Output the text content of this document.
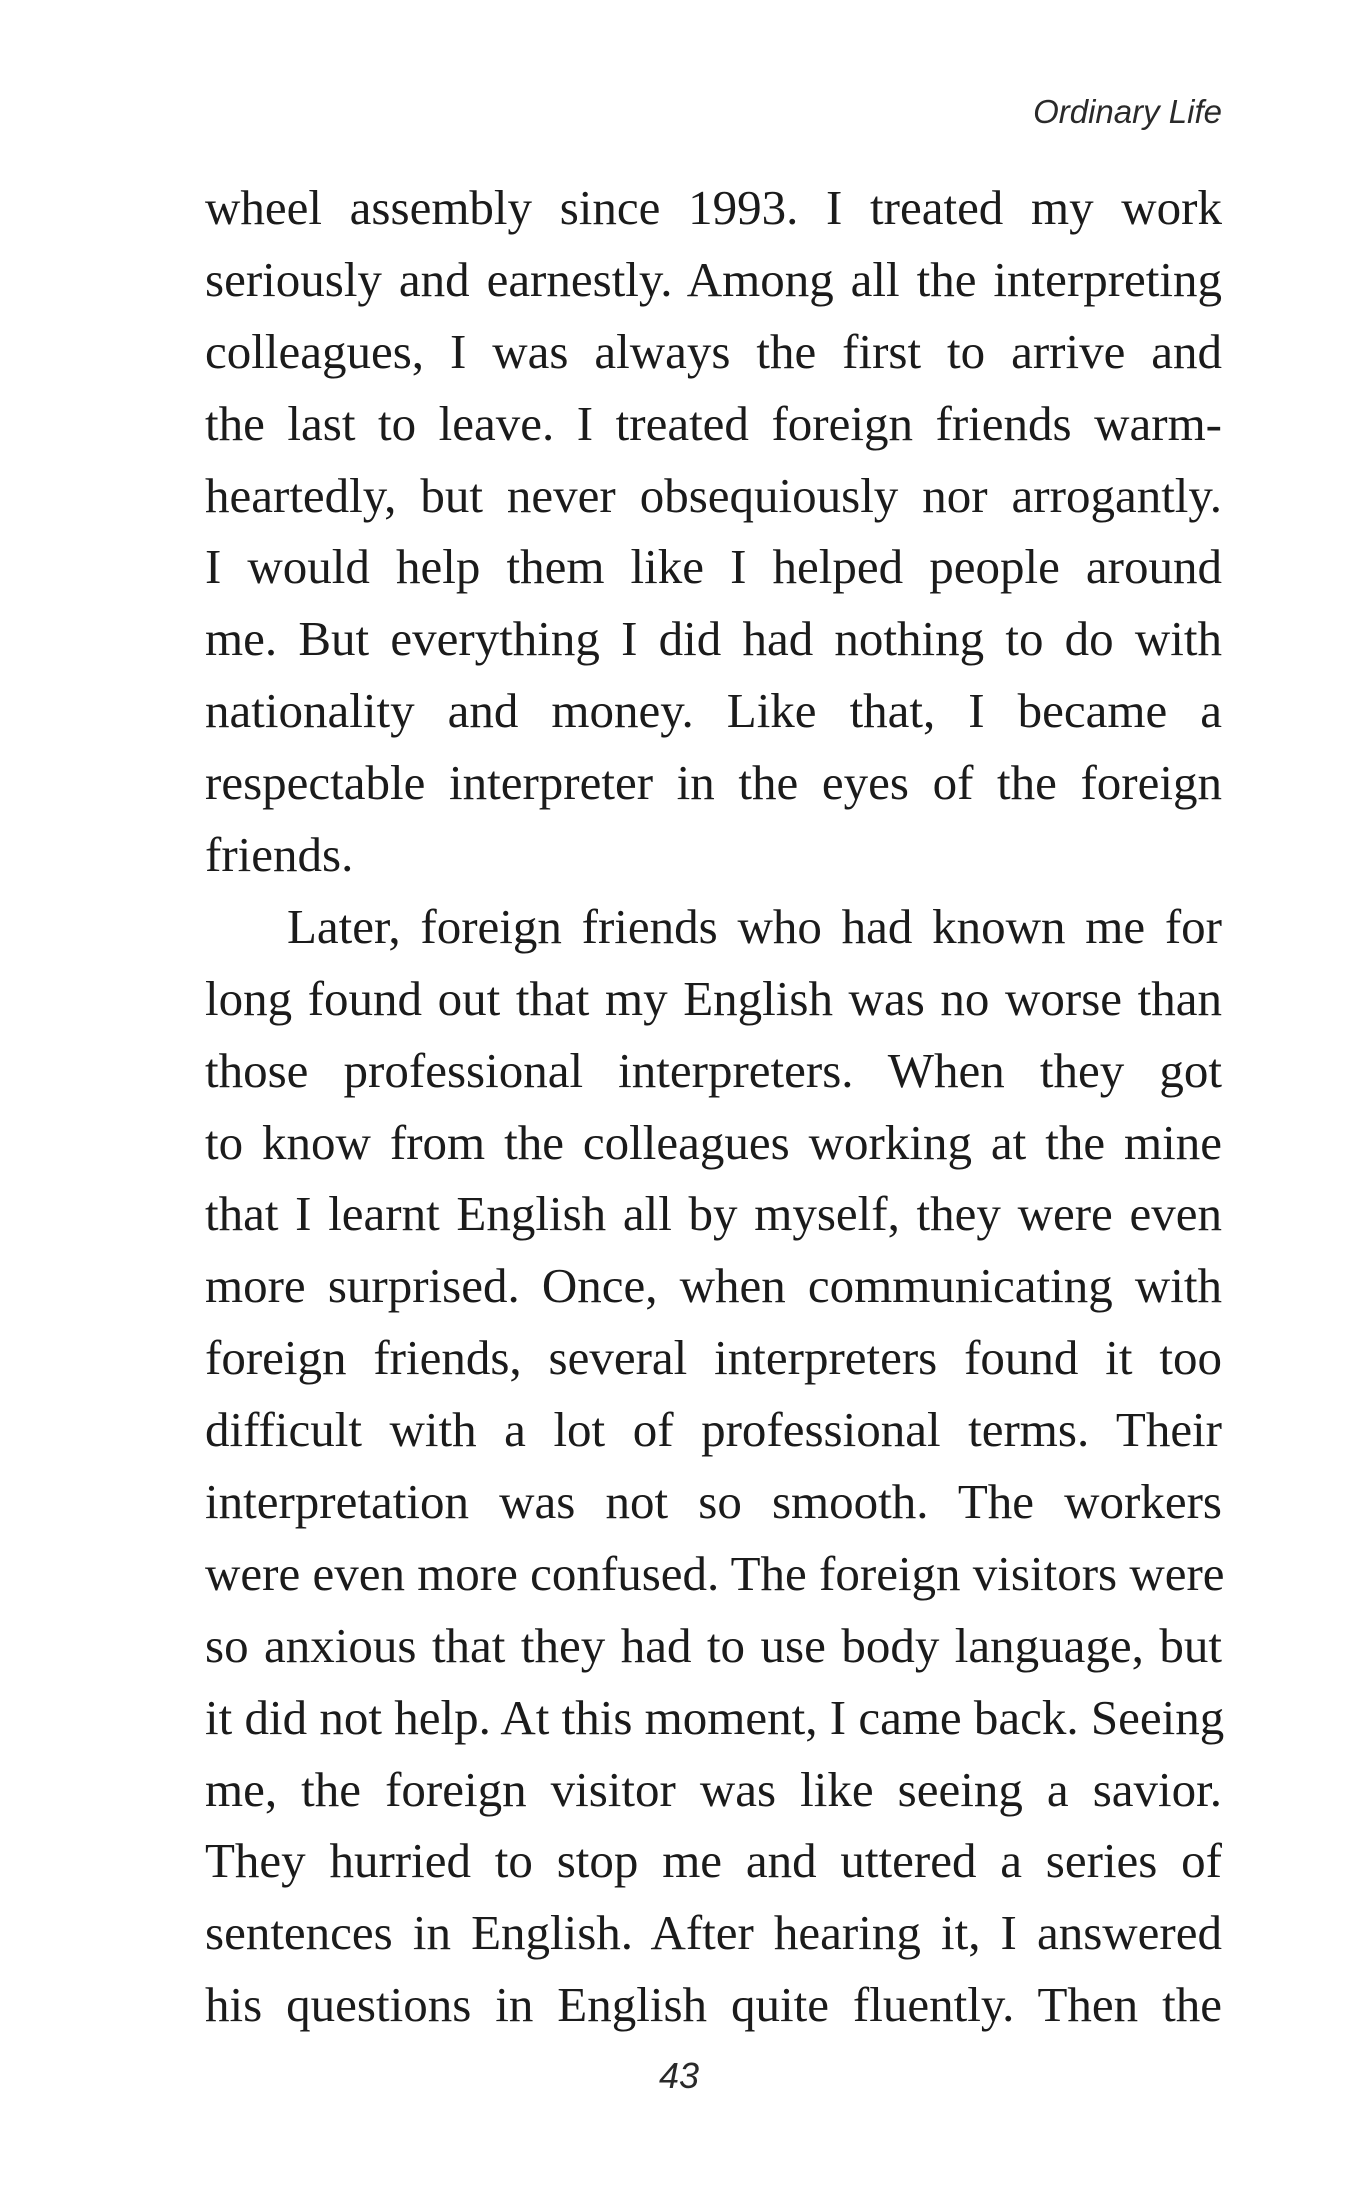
Ordinary Life
wheel assembly since 1993. I treated my work
seriously and earnestly. Among all the interpreting
colleagues, I was always the first to arrive and
the last to leave. I treated foreign friends warm-
heartedly, but never obsequiously nor arrogantly.
I would help them like I helped people around
me. But everything I did had nothing to do with
nationality and money. Like that, I became a
respectable interpreter in the eyes of the foreign
friends.
Later, foreign friends who had known me for
long found out that my English was no worse than
those professional interpreters. When they got
to know from the colleagues working at the mine
that I learnt English all by myself, they were even
more surprised. Once, when communicating with
foreign friends, several interpreters found it too
difficult with a lot of professional terms. Their
interpretation was not so smooth. The workers
were even more confused. The foreign visitors were
so anxious that they had to use body language, but
it did not help. At this moment, I came back. Seeing
me, the foreign visitor was like seeing a savior.
They hurried to stop me and uttered a series of
sentences in English. After hearing it, I answered
his questions in English quite fluently. Then the
43
